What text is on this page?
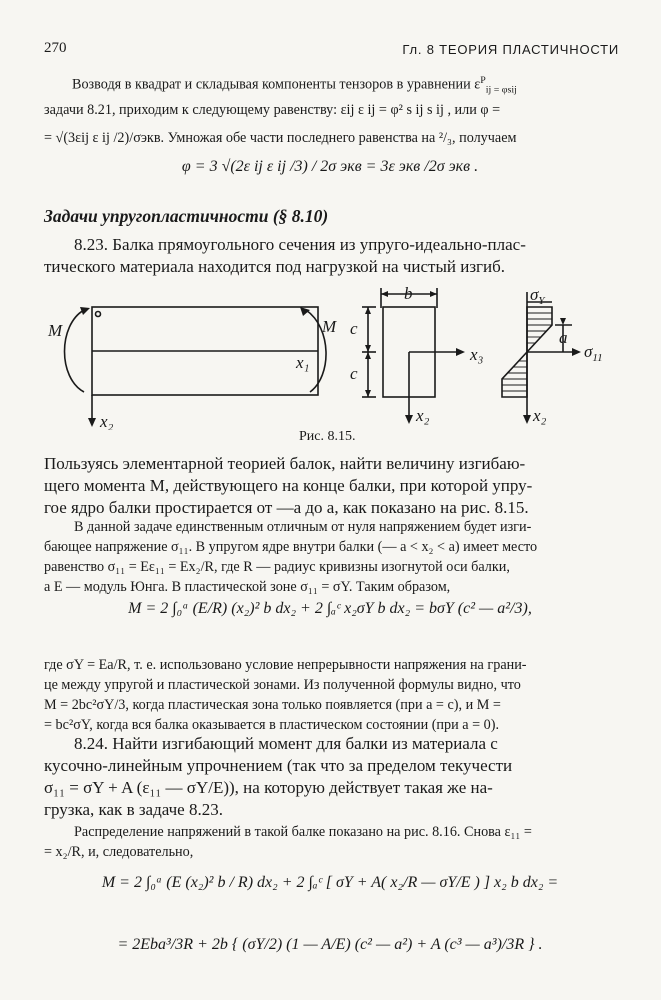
270	Гл. 8 ТЕОРИЯ ПЛАСТИЧНОСТИ
Возводя в квадрат и складывая компоненты тензоров в уравнении $\varepsilon^P_{ij = \varphi sij}$
задачи 8.21, приходим к следующему равенству: εij ε ij = φ² s ij s ij , или φ =
= √(3εij ε ij /2)/σэкв. Умножая обе части последнего равенства на ²/₃, получаем
φ = 3 √(2ε ij ε ij /3) / 2σ экв = 3ε экв /2σ экв .
Задачи упругопластичности (§ 8.10)
8.23. Балка прямоугольного сечения из упруго-идеально-плас-
тического материала находится под нагрузкой на чистый изгиб.
M	M
x₁
x₂
b
c
c
x₃
x₂
$\sigma_Y$
a
$\sigma_{11}$
x₂
Рис. 8.15.
Пользуясь элементарной теорией балок, найти величину изгибаю-
щего момента M, действующего на конце балки, при которой упру-
гое ядро балки простирается от —a до a, как показано на рис. 8.15.
В данной задаче единственным отличным от нуля напряжением будет изги-
бающее напряжение σ₁₁. В упругом ядре внутри балки (— a < x₂ < a) имеет место
равенство σ₁₁ = Eε₁₁ = Ex₂/R, где R — радиус кривизны изогнутой оси балки,
а E — модуль Юнга. В пластической зоне σ₁₁ = σY. Таким образом,
M = 2 ∫₀ᵃ (E/R) (x₂)² b dx₂ + 2 ∫ₐᶜ x₂σY b dx₂ = bσY (c² — a²/3),
где σY = Ea/R, т. е. использовано условие непрерывности напряжения на грани-
це между упругой и пластической зонами. Из полученной формулы видно, что
M = 2bc²σY/3, когда пластическая зона только появляется (при a = c), и M =
= bc²σY, когда вся балка оказывается в пластическом состоянии (при a = 0).
8.24. Найти изгибающий момент для балки из материала с
кусочно-линейным упрочнением (так что за пределом текучести
σ₁₁ = σY + A (ε₁₁ — σY/E)), на которую действует такая же на-
грузка, как в задаче 8.23.
Распределение напряжений в такой балке показано на рис. 8.16. Снова ε₁₁ =
= x₂/R, и, следовательно,
M = 2 ∫₀ᵃ (E (x₂)² b / R) dx₂ + 2 ∫ₐᶜ [ σY + A( x₂/R — σY/E ) ] x₂ b dx₂ =
= 2Eba³/3R + 2b { (σY/2) (1 — A/E) (c² — a²) + A (c³ — a³)/3R } .
